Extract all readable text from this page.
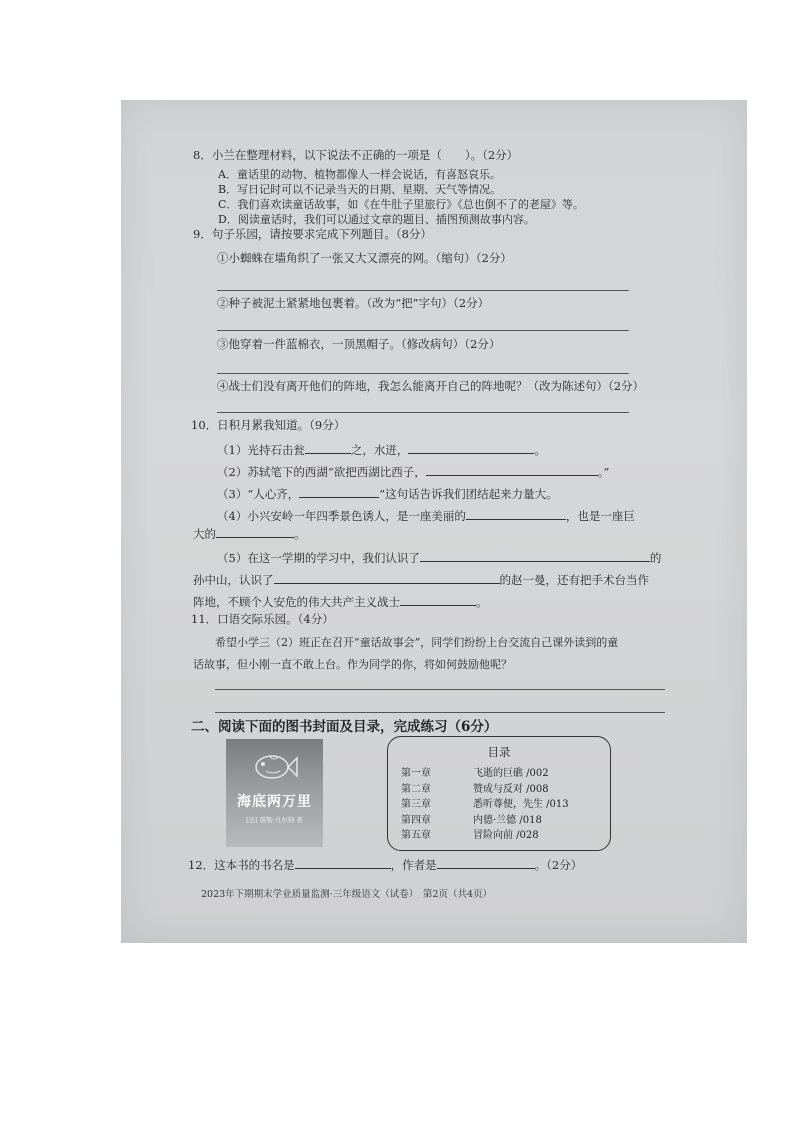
8．小兰在整理材料，以下说法不正确的一项是（　　）。（2分）
A．童话里的动物、植物都像人一样会说话，有喜怒哀乐。
B．写日记时可以不记录当天的日期、星期、天气等情况。
C．我们喜欢读童话故事，如《在牛肚子里旅行》《总也倒不了的老屋》等。
D．阅读童话时，我们可以通过文章的题目、插图预测故事内容。
9．句子乐园，请按要求完成下列题目。（8分）
①小蜘蛛在墙角织了一张又大又漂亮的网。（缩句）（2分）
②种子被泥土紧紧地包裹着。（改为“把”字句）（2分）
③他穿着一件蓝棉衣，一顶黑帽子。（修改病句）（2分）
④战士们没有离开他们的阵地，我怎么能离开自己的阵地呢？（改为陈述句）（2分）
10．日积月累我知道。（9分）
（1）光持石击瓮	之，水迸，	。
（2）苏轼笔下的西湖“欲把西湖比西子，	。”
（3）“人心齐，	”这句话告诉我们团结起来力量大。
（4）小兴安岭一年四季景色诱人，是一座美丽的	，也是一座巨
大的	。
（5）在这一学期的学习中，我们认识了	的
孙中山，认识了	的赵一曼，还有把手术台当作
阵地，不顾个人安危的伟大共产主义战士	。
11．口语交际乐园。（4分）
希望小学三（2）班正在召开“童话故事会”，同学们纷纷上台交流自己课外读到的童
话故事，但小刚一直不敢上台。作为同学的你，将如何鼓励他呢？
二、阅读下面的图书封面及目录，完成练习（6分）
12．这本书的书名是	，作者是	。（2分）
2023年下期期末学业质量监测·三年级语文（试卷）　第2页（共4页）
海底两万里
[法] 儒勒·凡尔纳 著
目录
第一章	飞逝的巨礁 /002
第二章	赞成与反对 /008
第三章	悉听尊便，先生 /013
第四章	内德·兰德 /018
第五章	冒险向前 /028
